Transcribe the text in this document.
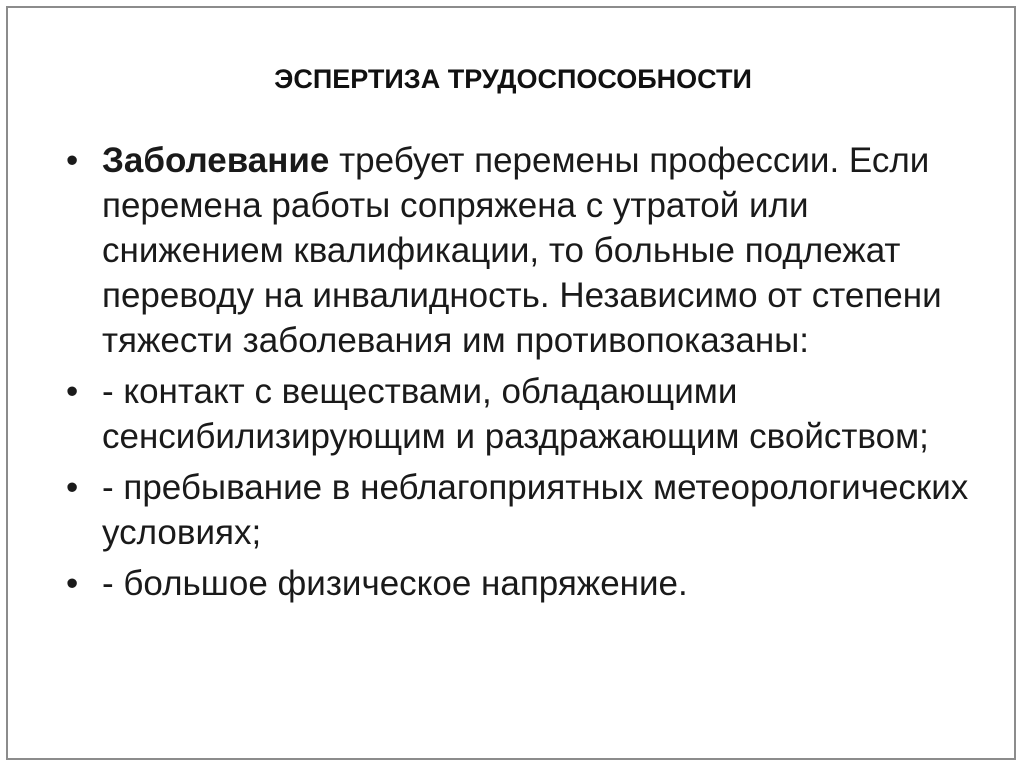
ЭСПЕРТИЗА ТРУДОСПОСОБНОСТИ
• Заболевание требует перемены профессии. Если перемена работы сопряжена с утратой или снижением квалификации, то больные подлежат переводу на инвалидность. Независимо от степени тяжести заболевания им противопоказаны:
• - контакт с веществами, обладающими сенсибилизирующим и раздражающим свойством;
• - пребывание в неблагоприятных метеорологических условиях;
• - большое физическое напряжение.
